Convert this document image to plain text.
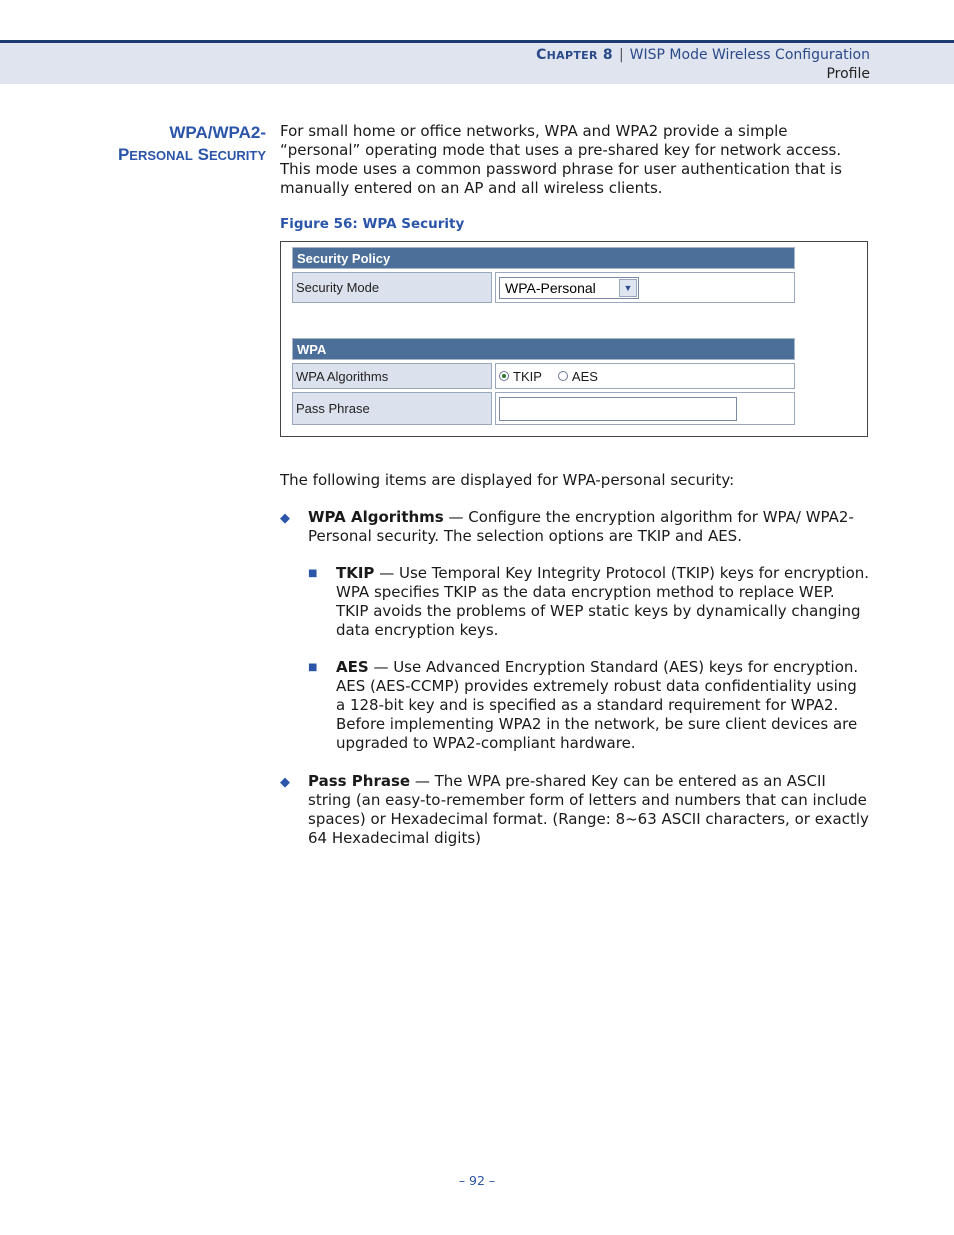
CHAPTER 8 | WISP Mode Wireless Configuration
Profile
WPA/WPA2-
PERSONAL SECURITY

For small home or office networks, WPA and WPA2 provide a simple “personal” operating mode that uses a pre-shared key for network access. This mode uses a common password phrase for user authentication that is manually entered on an AP and all wireless clients.

Figure 56: WPA Security
Security Policy
Security Mode	WPA-Personal	▼
WPA
WPA Algorithms	TKIP AES
Pass Phrase

The following items are displayed for WPA-personal security:

◆ WPA Algorithms — Configure the encryption algorithm for WPA/ WPA2-Personal security. The selection options are TKIP and AES.
■ TKIP — Use Temporal Key Integrity Protocol (TKIP) keys for encryption. WPA specifies TKIP as the data encryption method to replace WEP. TKIP avoids the problems of WEP static keys by dynamically changing data encryption keys.
■ AES — Use Advanced Encryption Standard (AES) keys for encryption. AES (AES-CCMP) provides extremely robust data confidentiality using a 128-bit key and is specified as a standard requirement for WPA2. Before implementing WPA2 in the network, be sure client devices are upgraded to WPA2-compliant hardware.
◆ Pass Phrase — The WPA pre-shared Key can be entered as an ASCII string (an easy-to-remember form of letters and numbers that can include spaces) or Hexadecimal format. (Range: 8~63 ASCII characters, or exactly 64 Hexadecimal digits)
– 92 –
